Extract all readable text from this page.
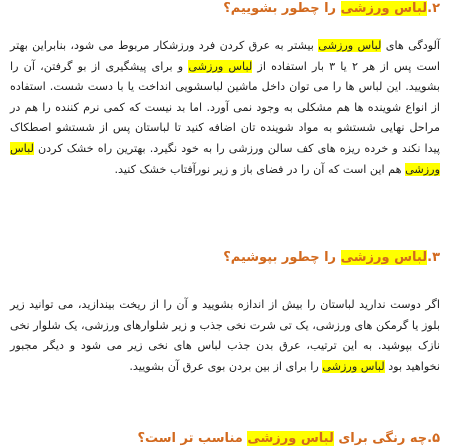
۲.لباس ورزشی را چطور بشوییم؟
آلودگی های لباس ورزشی بیشتر به عرق کردن فرد ورزشکار مربوط می شود، بنابراین بهتر است پس از هر ۲ یا ۳ بار استفاده از لباس ورزشی و برای پیشگیری از بو گرفتن، آن را بشویید. این لباس ها را می توان داخل ماشین لباسشویی انداخت یا با دست شست. استفاده از انواع شوینده ها هم مشکلی به وجود نمی آورد. اما بد نیست که کمی نرم کننده را هم در مراحل نهایی شستشو به مواد شوینده تان اضافه کنید تا لباستان پس از شستشو اصطکاک پیدا نکند و خرده ریزه های کف سالن ورزشی را به خود نگیرد. بهترین راه خشک کردن لباس ورزشی هم این است که آن را در فضای باز و زیر نورآفتاب خشک کنید.
۳.لباس ورزشی را چطور بپوشیم؟
اگر دوست ندارید لباستان را بیش از اندازه بشویید و آن را از ریخت بیندازید، می توانید زیر بلوز یا گرمکن های ورزشی، یک تی شرت نخی جذب و زیر شلوارهای ورزشی، یک شلوار نخی نازک بپوشید. به این ترتیب، عرق بدن جذب لباس های نخی زیر می شود و دیگر مجبور نخواهید بود لباس ورزشی را برای از بین بردن بوی عرق آن بشویید.
۵.چه رنگی برای لباس ورزشی مناسب تر است؟
